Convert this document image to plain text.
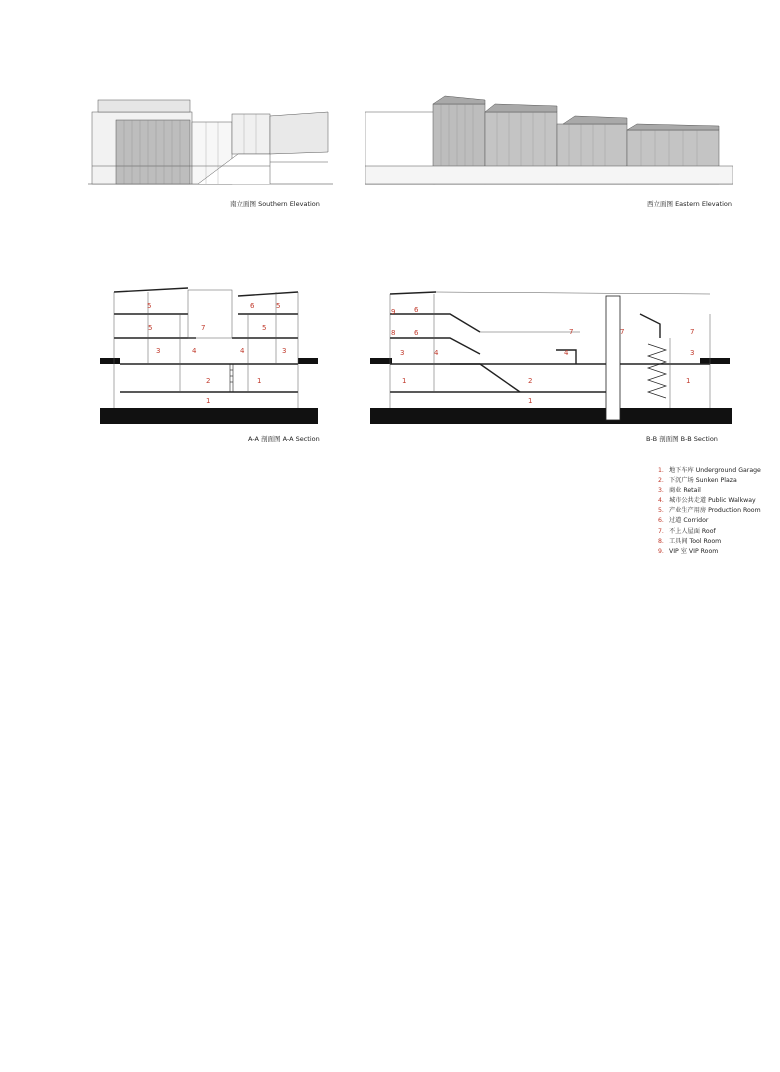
南立面图 Southern Elevation	西立面图 Eastern Elevation
5	6	5
5	7	5
3	4	4	3
2	1
1
A-A 剖面图 A-A Section
9	6
8	6	7	7	7
3	4	4	3
1	2	1
1
B-B 剖面图 B-B Section
1. 地下车库 Underground Garage
2. 下沉广场 Sunken Plaza
3. 商业 Retail
4. 城市公共走道 Public Walkway
5. 产业生产用房 Production Room
6. 过道 Corridor
7. 不上人屋面 Roof
8. 工具间 Tool Room
9. VIP 室 VIP Room
